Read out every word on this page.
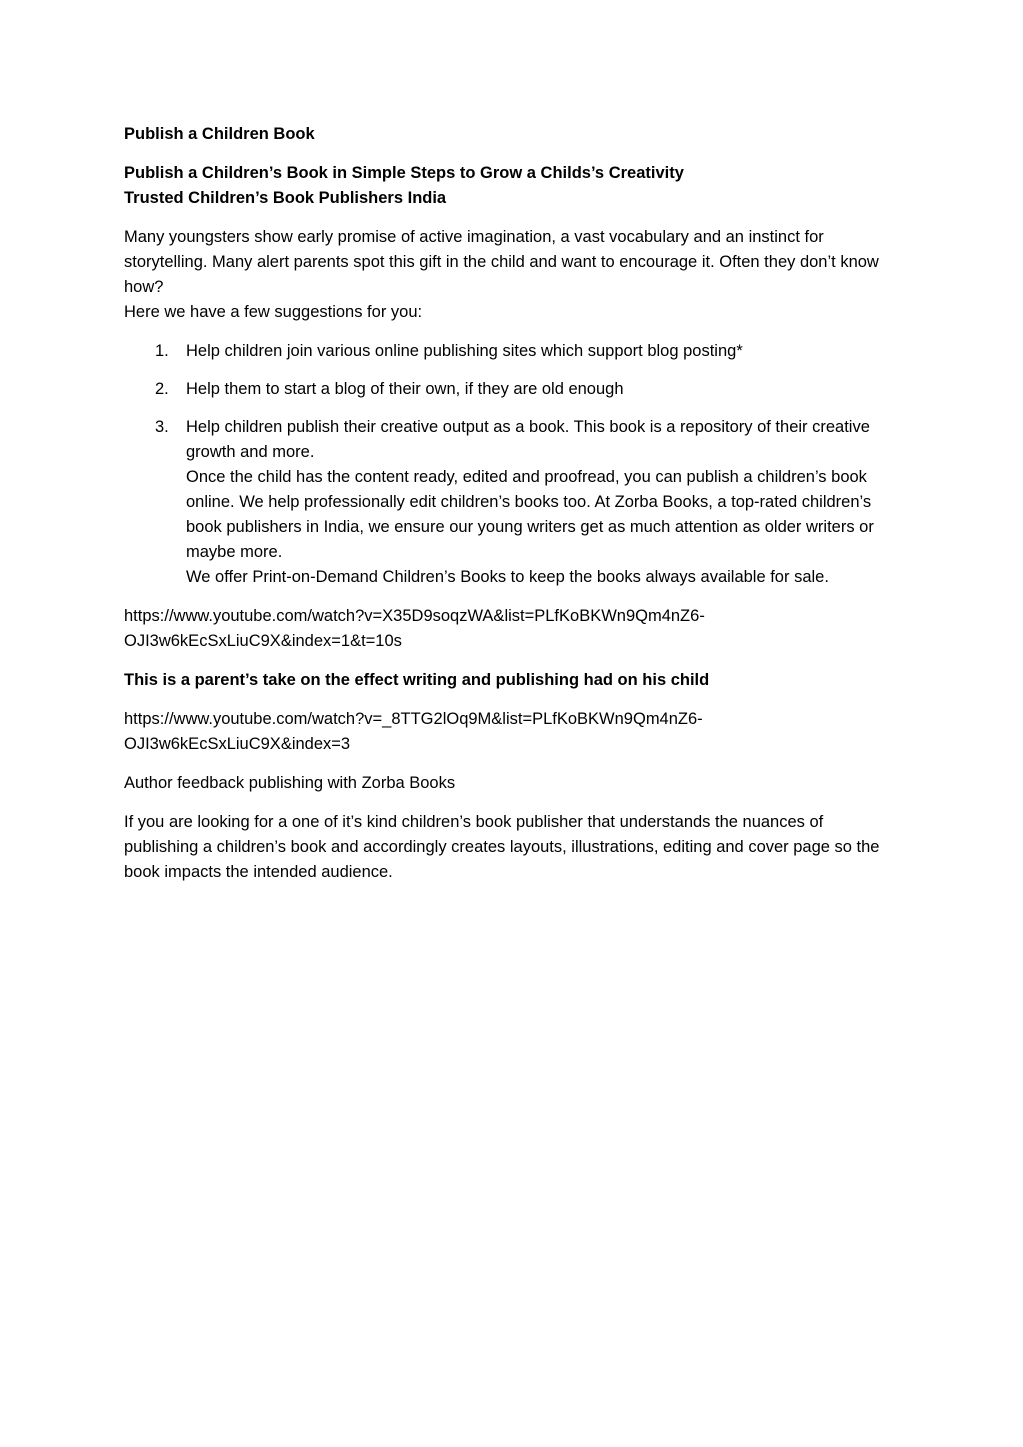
Publish a Children Book

Publish a Children’s Book in Simple Steps to Grow a Childs’s Creativity
Trusted Children’s Book Publishers India

Many youngsters show early promise of active imagination, a vast vocabulary and an instinct for storytelling. Many alert parents spot this gift in the child and want to encourage it. Often they don’t know how?
Here we have a few suggestions for you:

1. Help children join various online publishing sites which support blog posting*
2. Help them to start a blog of their own, if they are old enough
3. Help children publish their creative output as a book. This book is a repository of their creative
growth and more.
Once the child has the content ready, edited and proofread, you can publish a children’s book online. We help professionally edit children’s books too. At Zorba Books, a top-rated children’s book publishers in India, we ensure our young writers get as much attention as older writers or maybe more.
We offer Print-on-Demand Children’s Books to keep the books always available for sale.

https://www.youtube.com/watch?v=X35D9soqzWA&list=PLfKoBKWn9Qm4nZ6-
OJI3w6kEcSxLiuC9X&index=1&t=10s

This is a parent’s take on the effect writing and publishing had on his child

https://www.youtube.com/watch?v=_8TTG2lOq9M&list=PLfKoBKWn9Qm4nZ6-
OJI3w6kEcSxLiuC9X&index=3

Author feedback publishing with Zorba Books

If you are looking for a one of it’s kind children’s book publisher that understands the nuances of publishing a children’s book and accordingly creates layouts, illustrations, editing and cover page so the book impacts the intended audience.
